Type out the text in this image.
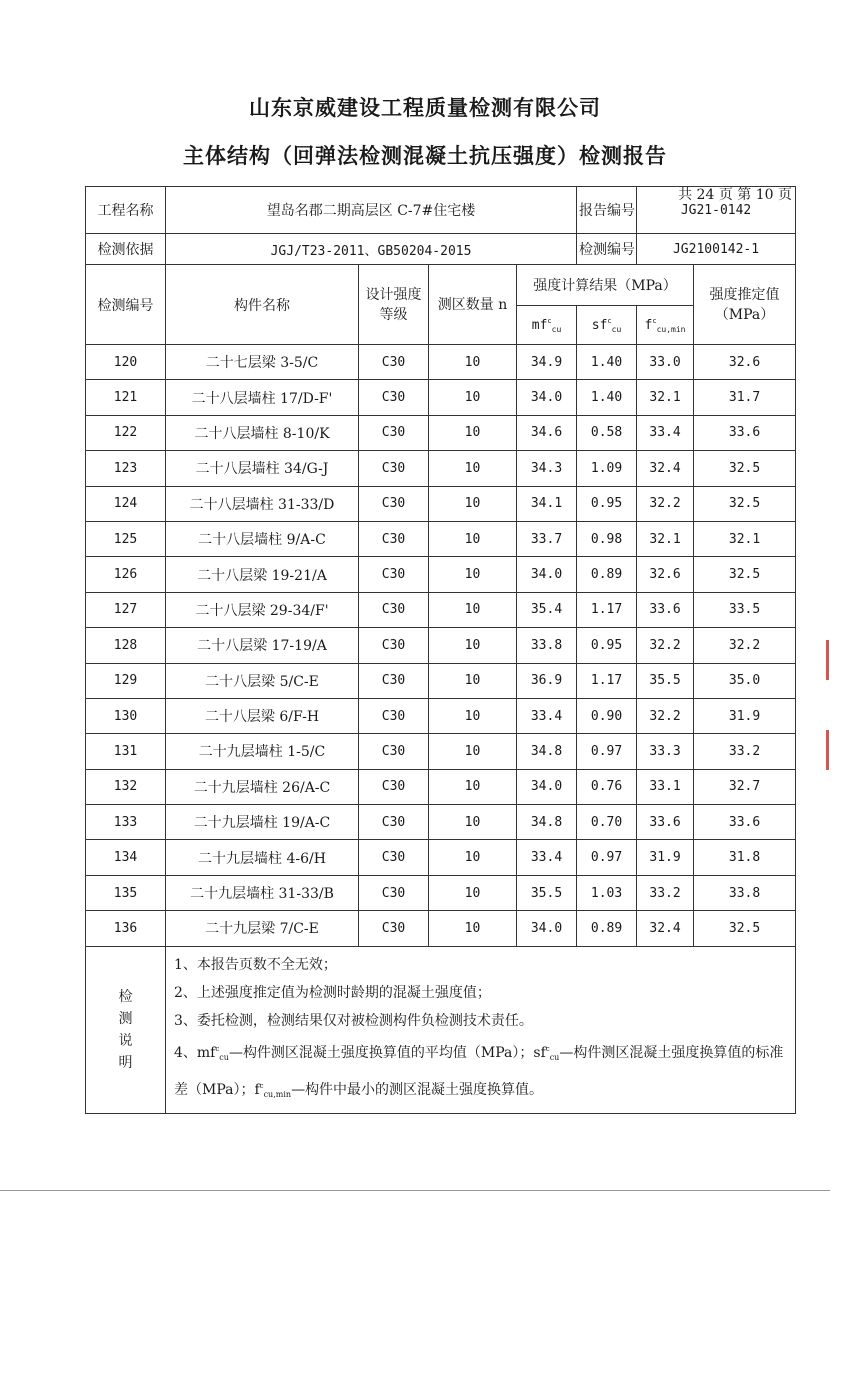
山东京威建设工程质量检测有限公司
主体结构（回弹法检测混凝土抗压强度）检测报告
共 24 页 第 10 页
工程名称	望岛名郡二期高层区 C-7#住宅楼				报告编号	JG21-0142	
检测依据	JGJ/T23-2011、GB50204-2015				检测编号	JG2100142-1	
检测编号	构件名称	设计强度等级	测区数量 n	强度计算结果（MPa）			强度推定值（MPa）
				$mf^c_{cu}$	$sf^c_{cu}$	$f^c_{cu,min}$
120	二十七层梁 3-5/C	C30	10	34.9	1.40	33.0	32.6
121	二十八层墙柱 17/D-F'	C30	10	34.0	1.40	32.1	31.7
122	二十八层墙柱 8-10/K	C30	10	34.6	0.58	33.4	33.6
123	二十八层墙柱 34/G-J	C30	10	34.3	1.09	32.4	32.5
124	二十八层墙柱 31-33/D	C30	10	34.1	0.95	32.2	32.5
125	二十八层墙柱 9/A-C	C30	10	33.7	0.98	32.1	32.1
126	二十八层梁 19-21/A	C30	10	34.0	0.89	32.6	32.5
127	二十八层梁 29-34/F'	C30	10	35.4	1.17	33.6	33.5
128	二十八层梁 17-19/A	C30	10	33.8	0.95	32.2	32.2
129	二十八层梁 5/C-E	C30	10	36.9	1.17	35.5	35.0
130	二十八层梁 6/F-H	C30	10	33.4	0.90	32.2	31.9
131	二十九层墙柱 1-5/C	C30	10	34.8	0.97	33.3	33.2
132	二十九层墙柱 26/A-C	C30	10	34.0	0.76	33.1	32.7
133	二十九层墙柱 19/A-C	C30	10	34.8	0.70	33.6	33.6
134	二十九层墙柱 4-6/H	C30	10	33.4	0.97	31.9	31.8
135	二十九层墙柱 31-33/B	C30	10	35.5	1.03	33.2	33.8
136	二十九层梁 7/C-E	C30	10	34.0	0.89	32.4	32.5
检测说明	1、本报告页数不全无效；
2、上述强度推定值为检测时龄期的混凝土强度值；
3、委托检测，检测结果仅对被检测构件负检测技术责任。
4、$mf^c_{cu}—$构件测区混凝土强度换算值的平均值（MPa）；$sf^c_{cu}—$构件测区混凝土强度换算值的标准差（MPa）；$f^c_{cu,min}—$构件中最小的测区混凝土强度换算值。						
